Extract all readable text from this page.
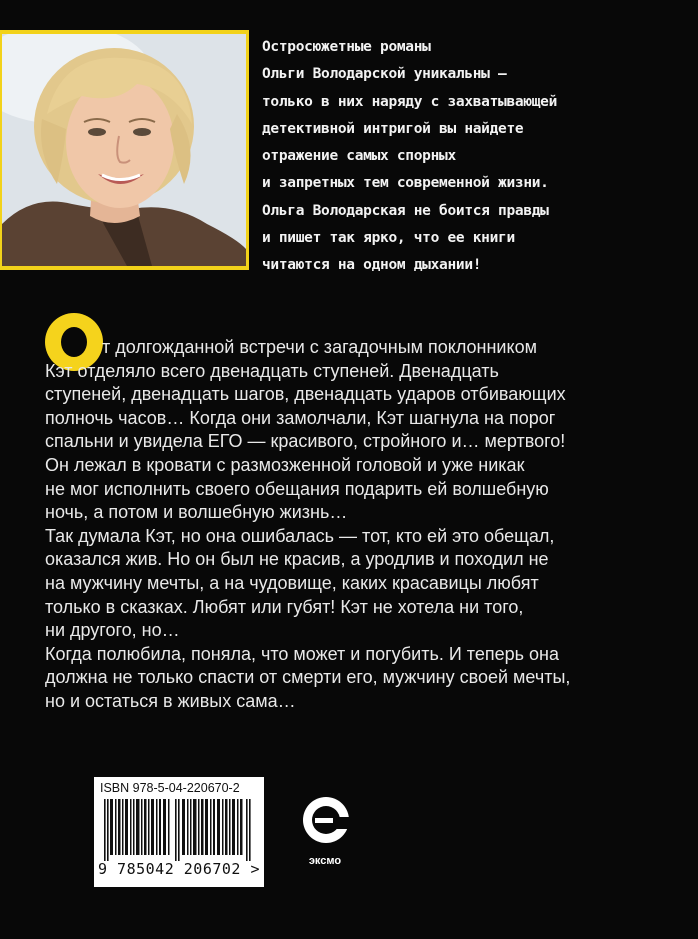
Остросюжетные романы
Ольги Володарской уникальны —
только в них наряду с захватывающей
детективной интригой вы найдете
отражение самых спорных
и запретных тем современной жизни.
Ольга Володарская не боится правды
и пишет так ярко, что ее книги
читаются на одном дыхании!
т долгожданной встречи с загадочным поклонником
Кэт отделяло всего двенадцать ступеней. Двенадцать
ступеней, двенадцать шагов, двенадцать ударов отбивающих
полночь часов… Когда они замолчали, Кэт шагнула на порог
спальни и увидела ЕГО — красивого, стройного и… мертвого!
Он лежал в кровати с размозженной головой и уже никак
не мог исполнить своего обещания подарить ей волшебную
ночь, а потом и волшебную жизнь…
Так думала Кэт, но она ошибалась — тот, кто ей это обещал,
оказался жив. Но он был не красив, а уродлив и походил не
на мужчину мечты, а на чудовище, каких красавицы любят
только в сказках. Любят или губят! Кэт не хотела ни того,
ни другого, но…
Когда полюбила, поняла, что может и погубить. И теперь она
должна не только спасти от смерти его, мужчину своей мечты,
но и остаться в живых сама…
ISBN 978-5-04-220670-2
9 785042 206702 >	эксмо
